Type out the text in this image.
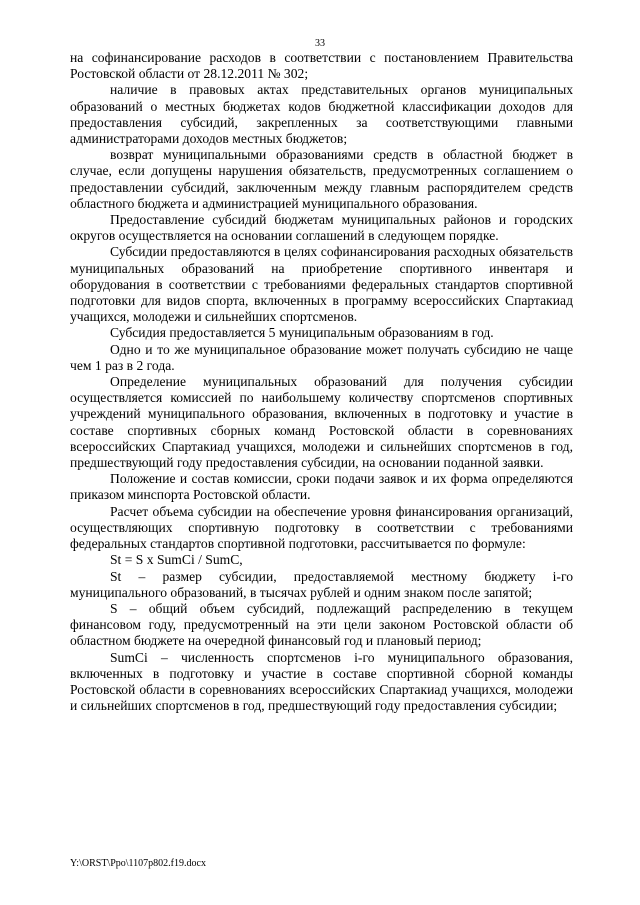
33

на софинансирование расходов в соответствии с постановлением Правительства Ростовской области от 28.12.2011 № 302;

наличие в правовых актах представительных органов муниципальных образований о местных бюджетах кодов бюджетной классификации доходов для предоставления субсидий, закрепленных за соответствующими главными администраторами доходов местных бюджетов;

возврат муниципальными образованиями средств в областной бюджет в случае, если допущены нарушения обязательств, предусмотренных соглашением о предоставлении субсидий, заключенным между главным распорядителем средств областного бюджета и администрацией муниципального образования.

Предоставление субсидий бюджетам муниципальных районов и городских округов осуществляется на основании соглашений в следующем порядке.

Субсидии предоставляются в целях софинансирования расходных обязательств муниципальных образований на приобретение спортивного инвентаря и оборудования в соответствии с требованиями федеральных стандартов спортивной подготовки для видов спорта, включенных в программу всероссийских Спартакиад учащихся, молодежи и сильнейших спортсменов.

Субсидия предоставляется 5 муниципальным образованиям в год.

Одно и то же муниципальное образование может получать субсидию не чаще чем 1 раз в 2 года.

Определение муниципальных образований для получения субсидии осуществляется комиссией по наибольшему количеству спортсменов спортивных учреждений муниципального образования, включенных в подготовку и участие в составе спортивных сборных команд Ростовской области в соревнованиях всероссийских Спартакиад учащихся, молодежи и сильнейших спортсменов в год, предшествующий году предоставления субсидии, на основании поданной заявки.

Положение и состав комиссии, сроки подачи заявок и их форма определяются приказом минспорта Ростовской области.

Расчет объема субсидии на обеспечение уровня финансирования организаций, осуществляющих спортивную подготовку в соответствии с требованиями федеральных стандартов спортивной подготовки, рассчитывается по формуле:

St = S x SumCi / SumC,

St – размер субсидии, предоставляемой местному бюджету i-го муниципального образований, в тысячах рублей и одним знаком после запятой;

S – общий объем субсидий, подлежащий распределению в текущем финансовом году, предусмотренный на эти цели законом Ростовской области об областном бюджете на очередной финансовый год и плановый период;

SumCi – численность спортсменов i-го муниципального образования, включенных в подготовку и участие в составе спортивной сборной команды Ростовской области в соревнованиях всероссийских Спартакиад учащихся, молодежи и сильнейших спортсменов в год, предшествующий году предоставления субсидии;

Y:\ORST\Ppo\1107p802.f19.docx
